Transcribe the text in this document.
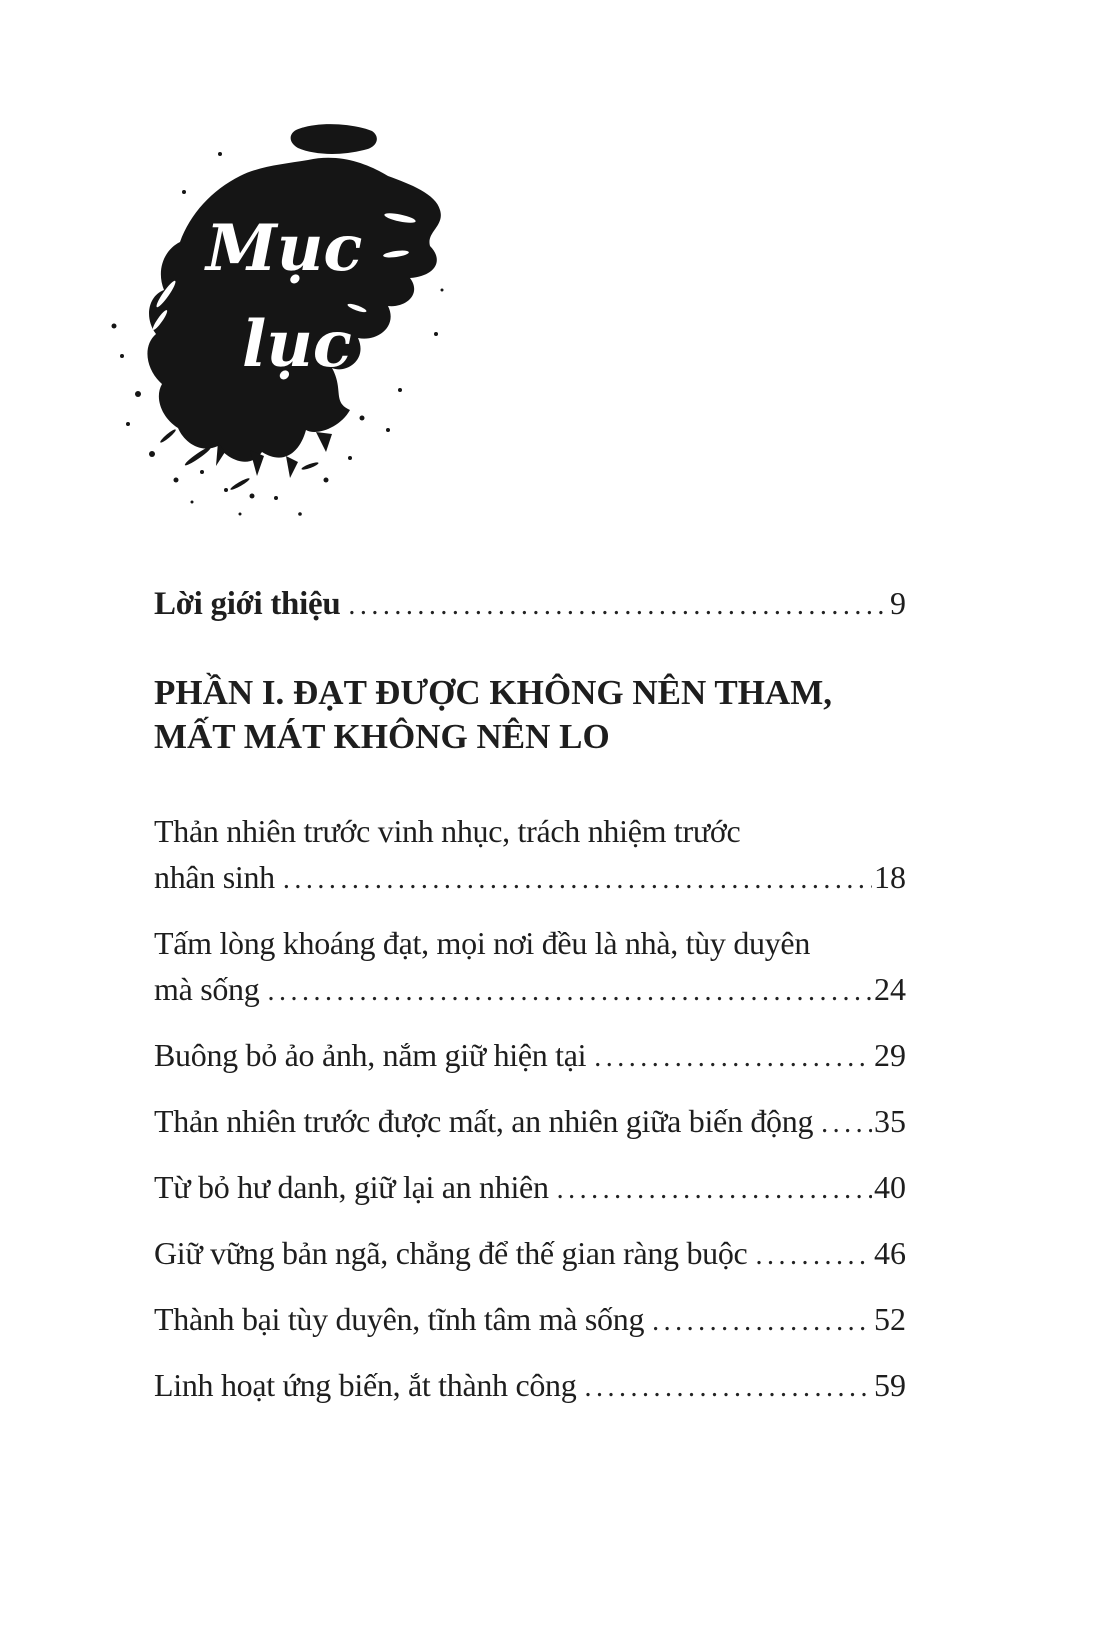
Mục
lục
Lời giới thiệu .....	9
PHẦN I. ĐẠT ĐƯỢC KHÔNG NÊN THAM,
MẤT MÁT KHÔNG NÊN LO
Thản nhiên trước vinh nhục, trách nhiệm trước
nhân sinh .....	18
Tấm lòng khoáng đạt, mọi nơi đều là nhà, tùy duyên
mà sống .....	24
Buông bỏ ảo ảnh, nắm giữ hiện tại .....	29
Thản nhiên trước được mất, an nhiên giữa biến động ..... 35
Từ bỏ hư danh, giữ lại an nhiên .....	40
Giữ vững bản ngã, chẳng để thế gian ràng buộc .....	46
Thành bại tùy duyên, tĩnh tâm mà sống .....	52
Linh hoạt ứng biến, ắt thành công .....	59
